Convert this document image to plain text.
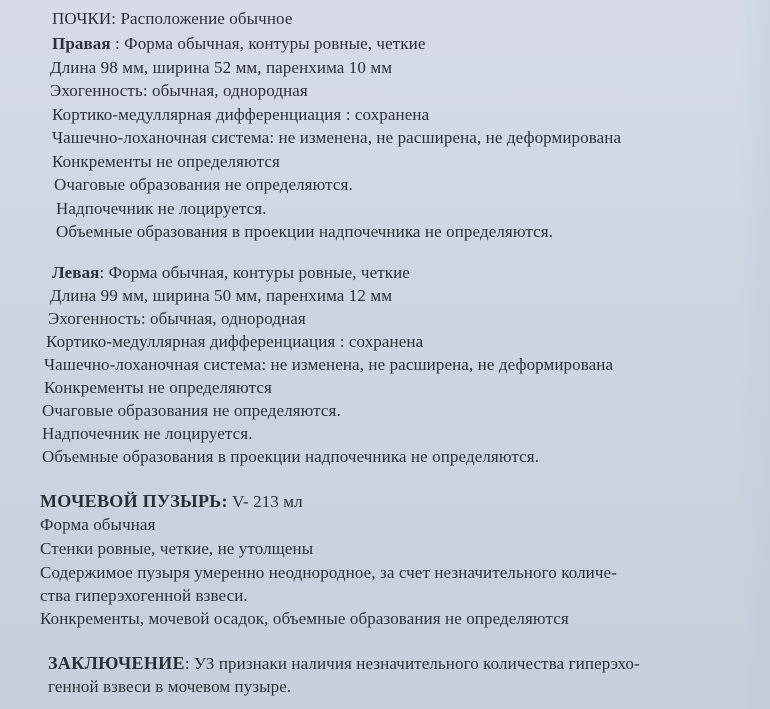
ПОЧКИ: Расположение обычное
Правая : Форма обычная, контуры ровные, четкие
Длина 98 мм, ширина 52 мм, паренхима 10 мм
Эхогенность: обычная, однородная
Кортико-медуллярная дифференциация : сохранена
Чашечно-лоханочная система: не изменена, не расширена, не деформирована
Конкременты не определяются
Очаговые образования не определяются.
Надпочечник не лоцируется.
Объемные образования в проекции надпочечника не определяются.
Левая: Форма обычная, контуры ровные, четкие
Длина 99 мм, ширина 50 мм, паренхима 12 мм
Эхогенность: обычная, однородная
Кортико-медуллярная дифференциация : сохранена
Чашечно-лоханочная система: не изменена, не расширена, не деформирована
Конкременты не определяются
Очаговые образования не определяются.
Надпочечник не лоцируется.
Объемные образования в проекции надпочечника не определяются.
МОЧЕВОЙ ПУЗЫРЬ: V- 213 мл
Форма обычная
Стенки ровные, четкие, не утолщены
Содержимое пузыря умеренно неоднородное, за счет незначительного количе-
ства гиперэхогенной взвеси.
Конкременты, мочевой осадок, объемные образования не определяются
ЗАКЛЮЧЕНИЕ: УЗ признаки наличия незначительного количества гиперэхо-
генной взвеси в мочевом пузыре.
